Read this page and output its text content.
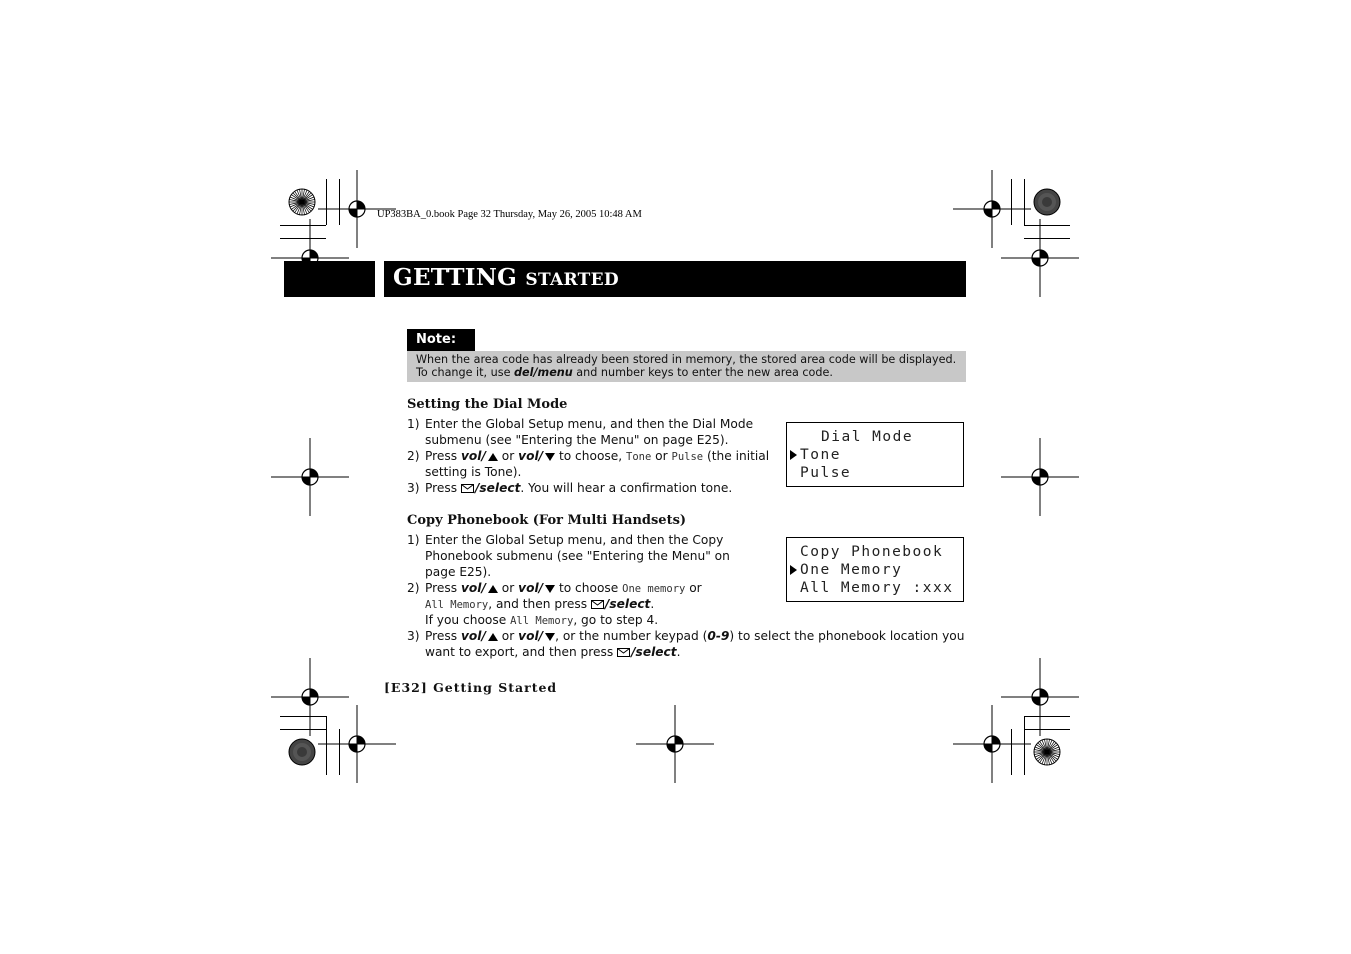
UP383BA_0.book Page 32 Thursday, May 26, 2005 10:48 AM
GETTING STARTED
Note:
When the area code has already been stored in memory, the stored area code will be displayed.
To change it, use del/menu and number keys to enter the new area code.
Setting the Dial Mode
1) Enter the Global Setup menu, and then the Dial Mode
submenu (see "Entering the Menu" on page E25).
2) Press vol/ or vol/ to choose, Tone or Pulse (the initial
setting is Tone).
3) Press /select. You will hear a confirmation tone.
Dial Mode
Tone
Pulse
Copy Phonebook (For Multi Handsets)
1) Enter the Global Setup menu, and then the Copy
Phonebook submenu (see "Entering the Menu" on
page E25).
2) Press vol/ or vol/ to choose One memory or
All Memory, and then press /select.
If you choose All Memory, go to step 4.
3) Press vol/ or vol/ , or the number keypad (0-9) to select the phonebook location you
want to export, and then press /select.
Copy Phonebook
One Memory
All Memory :xxx
[E32] Getting Started
